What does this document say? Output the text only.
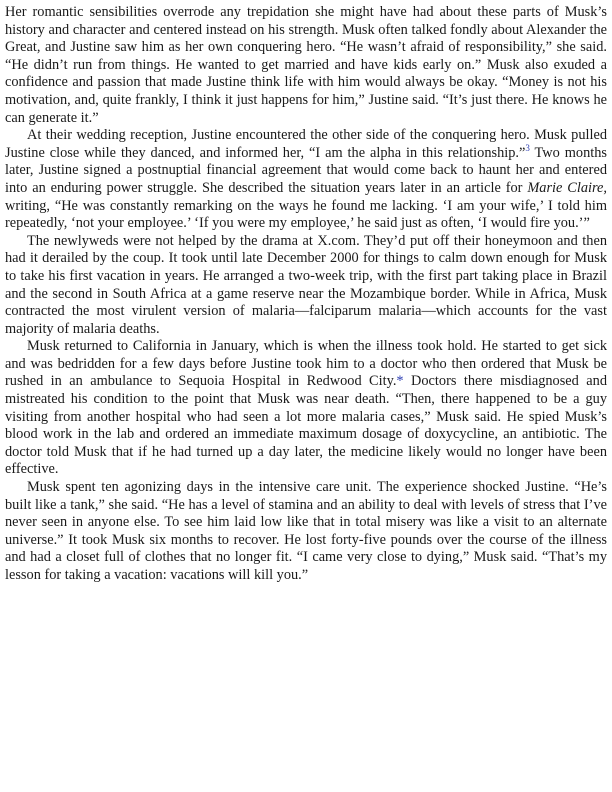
Her romantic sensibilities overrode any trepidation she might have had about these parts of Musk’s history and character and centered instead on his strength. Musk often talked fondly about Alexander the Great, and Justine saw him as her own conquering hero. “He wasn’t afraid of responsibility,” she said. “He didn’t run from things. He wanted to get married and have kids early on.” Musk also exuded a confidence and passion that made Justine think life with him would always be okay. “Money is not his motivation, and, quite frankly, I think it just happens for him,” Justine said. “It’s just there. He knows he can generate it.”

At their wedding reception, Justine encountered the other side of the conquering hero. Musk pulled Justine close while they danced, and informed her, “I am the alpha in this relationship.”$^3$ Two months later, Justine signed a postnuptial financial agreement that would come back to haunt her and entered into an enduring power struggle. She described the situation years later in an article for Marie Claire, writing, “He was constantly remarking on the ways he found me lacking. ‘I am your wife,’ I told him repeatedly, ‘not your employee.’ ‘If you were my employee,’ he said just as often, ‘I would fire you.’”

The newlyweds were not helped by the drama at X.com. They’d put off their honeymoon and then had it derailed by the coup. It took until late December 2000 for things to calm down enough for Musk to take his first vacation in years. He arranged a two-week trip, with the first part taking place in Brazil and the second in South Africa at a game reserve near the Mozambique border. While in Africa, Musk contracted the most virulent version of malaria—falciparum malaria—which accounts for the vast majority of malaria deaths.

Musk returned to California in January, which is when the illness took hold. He started to get sick and was bedridden for a few days before Justine took him to a doctor who then ordered that Musk be rushed in an ambulance to Sequoia Hospital in Redwood City.* Doctors there misdiagnosed and mistreated his condition to the point that Musk was near death. “Then, there happened to be a guy visiting from another hospital who had seen a lot more malaria cases,” Musk said. He spied Musk’s blood work in the lab and ordered an immediate maximum dosage of doxycycline, an antibiotic. The doctor told Musk that if he had turned up a day later, the medicine likely would no longer have been effective.

Musk spent ten agonizing days in the intensive care unit. The experience shocked Justine. “He’s built like a tank,” she said. “He has a level of stamina and an ability to deal with levels of stress that I’ve never seen in anyone else. To see him laid low like that in total misery was like a visit to an alternate universe.” It took Musk six months to recover. He lost forty-five pounds over the course of the illness and had a closet full of clothes that no longer fit. “I came very close to dying,” Musk said. “That’s my lesson for taking a vacation: vacations will kill you.”
